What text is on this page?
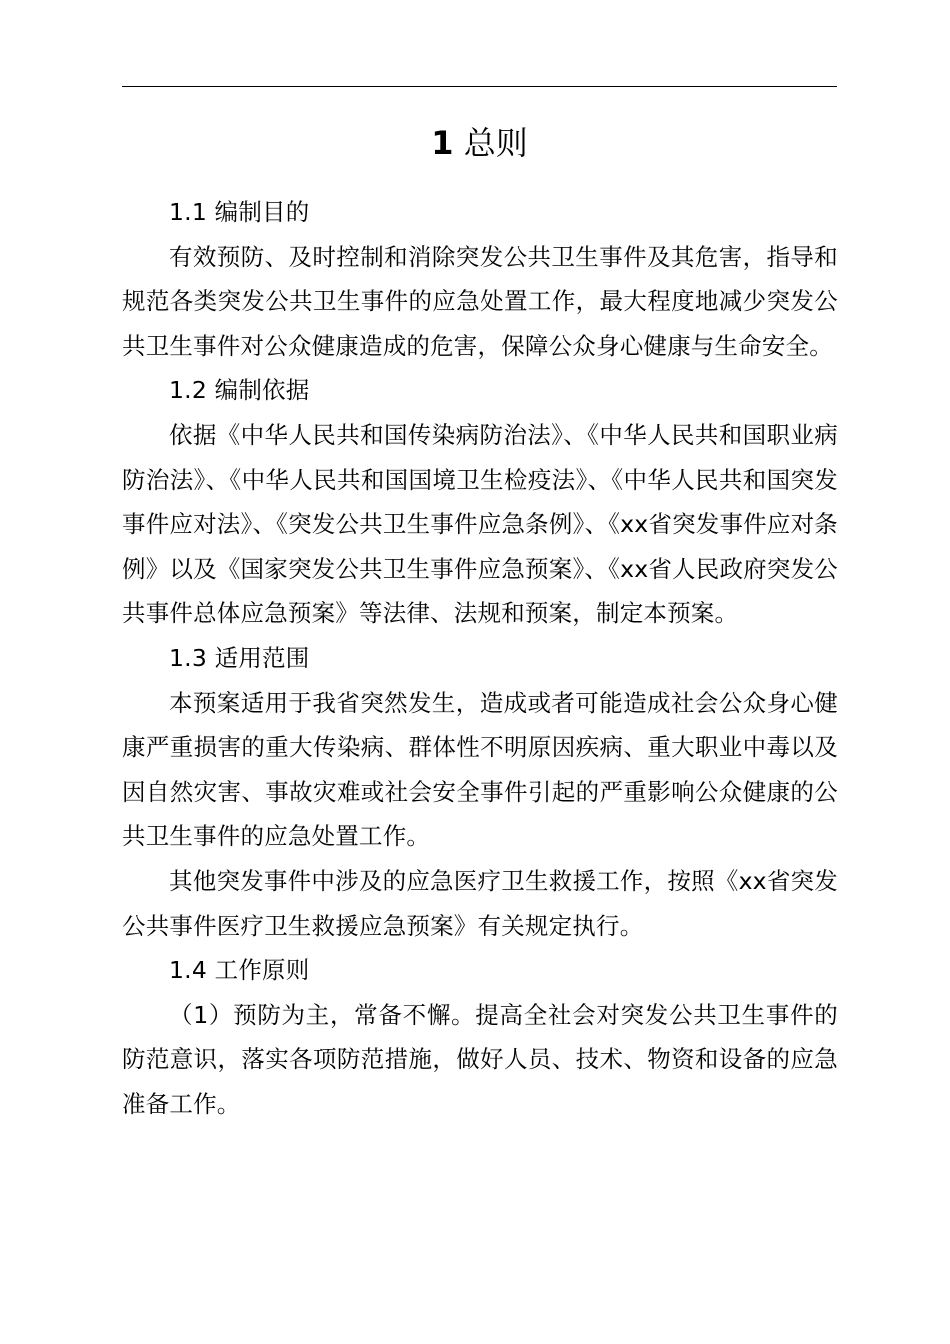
1 总则

1.1 编制目的

有效预防、及时控制和消除突发公共卫生事件及其危害，指导和规范各类突发公共卫生事件的应急处置工作，最大程度地减少突发公共卫生事件对公众健康造成的危害，保障公众身心健康与生命安全。

1.2 编制依据

依据《中华人民共和国传染病防治法》、《中华人民共和国职业病防治法》、《中华人民共和国国境卫生检疫法》、《中华人民共和国突发事件应对法》、《突发公共卫生事件应急条例》、《xx省突发事件应对条例》以及《国家突发公共卫生事件应急预案》、《xx省人民政府突发公共事件总体应急预案》等法律、法规和预案，制定本预案。

1.3 适用范围

本预案适用于我省突然发生，造成或者可能造成社会公众身心健康严重损害的重大传染病、群体性不明原因疾病、重大职业中毒以及因自然灾害、事故灾难或社会安全事件引起的严重影响公众健康的公共卫生事件的应急处置工作。

其他突发事件中涉及的应急医疗卫生救援工作，按照《xx省突发公共事件医疗卫生救援应急预案》有关规定执行。

1.4 工作原则

（1）预防为主，常备不懈。提高全社会对突发公共卫生事件的防范意识，落实各项防范措施，做好人员、技术、物资和设备的应急准备工作。
